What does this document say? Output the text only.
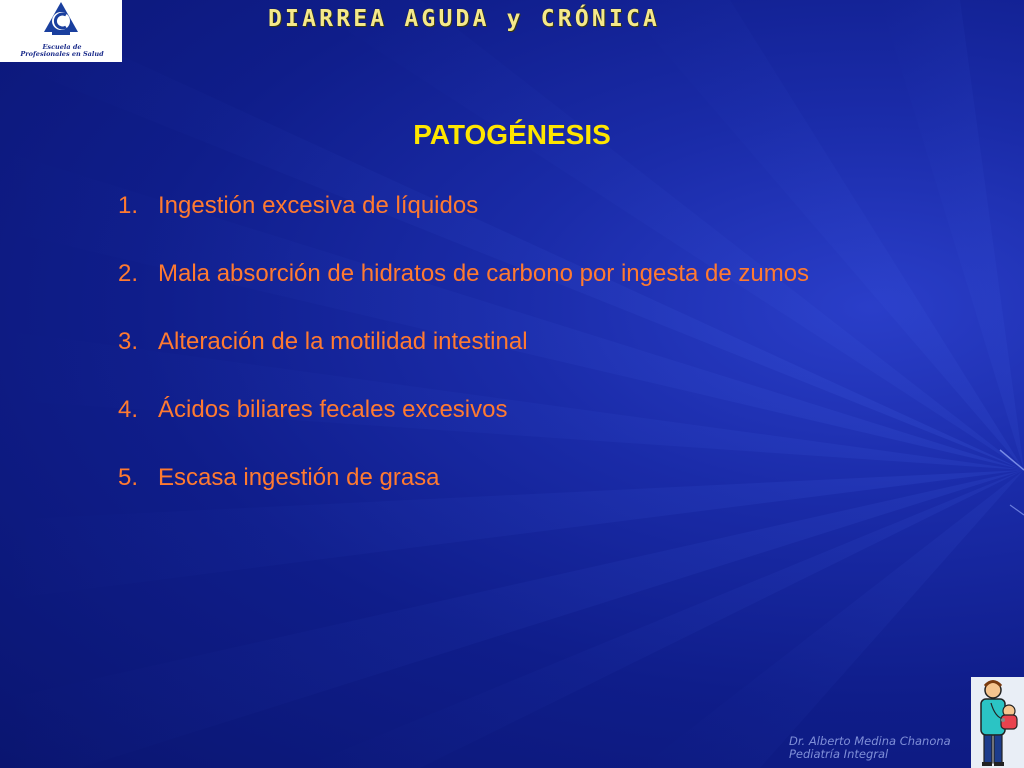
Escuela de
Profesionales en Salud
DIARREA AGUDA y CRÓNICA
PATOGÉNESIS
1. Ingestión excesiva de líquidos
2. Mala absorción de hidratos de carbono por ingesta de zumos
3. Alteración de la motilidad intestinal
4. Ácidos biliares fecales excesivos
5. Escasa ingestión de grasa
Dr. Alberto Medina Chanona
Pediatría Integral
